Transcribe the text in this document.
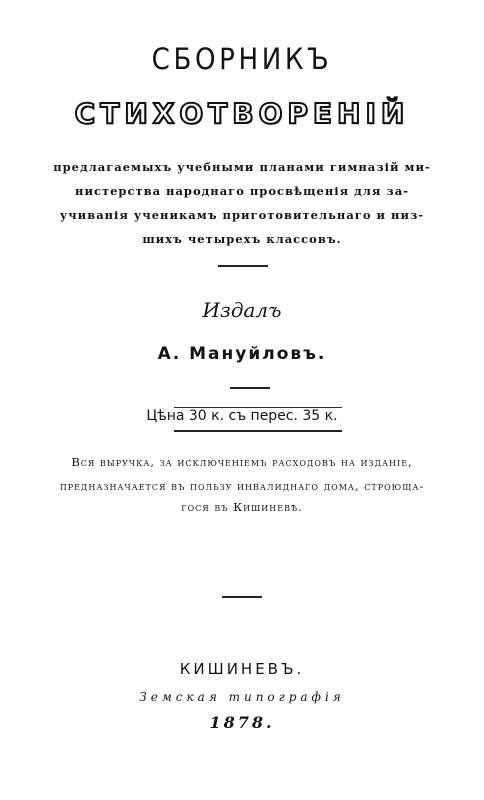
СБОРНИКЪ
СТИХОТВОРЕНІЙ

предлагаемыхъ учебными планами гимназій ми-

нистерства народнаго просвѣщенія для за-

учиванія ученикамъ приготовительнаго и низ-

шихъ четырехъ классовъ.

Издалъ

А. Мануйловъ.

Цѣна 30 к. съ перес. 35 к.

Вся выручка, за исключеніемъ расходовъ на изданіе,

предназначается въ пользу инвалиднаго дома, строюща-

гося въ Кишиневѣ.

КИШИНЕВЪ.

Земская типографія

1878.
